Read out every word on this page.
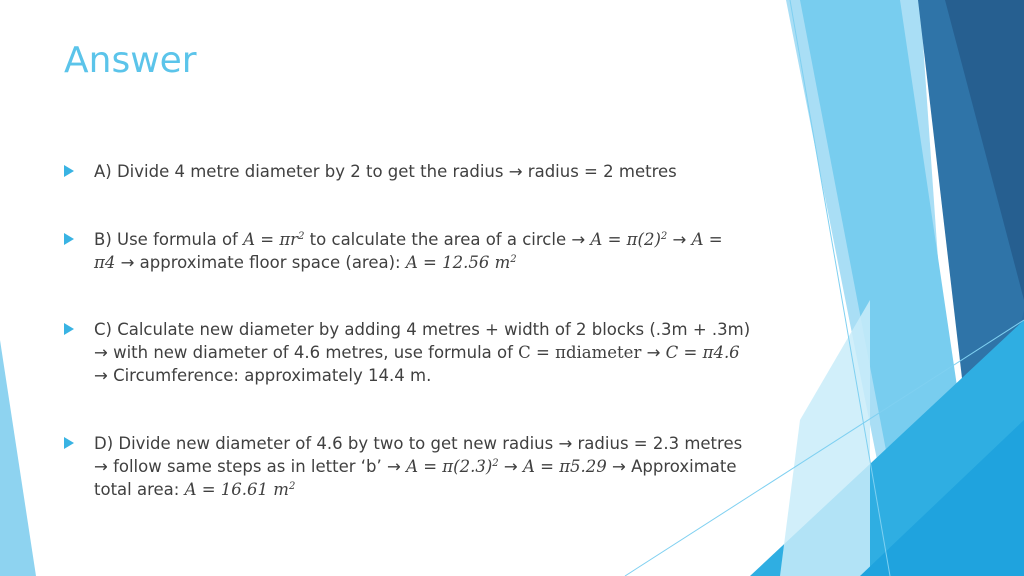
Answer
A) Divide 4 metre diameter by 2 to get the radius → radius = 2 metres
B) Use formula of $A = \pi r^2$ to calculate the area of a circle → $A = \pi(2)^2 \to A$ =
π4 → approximate floor space (area): A = 12.56 $m^2$
C) Calculate new diameter by adding 4 metres + width of 2 blocks (.3m + .3m)
→ with new diameter of 4.6 metres, use formula of C = πdiameter → C = π4.6
→ Circumference: approximately 14.4 m.
D) Divide new diameter of 4.6 by two to get new radius → radius = 2.3 metres
→ follow same steps as in letter ‘b’ → $A = \pi(2.3)^2 \to A = \pi 5.29$ → Approximate
total area: A = 16.61 $m^2$
